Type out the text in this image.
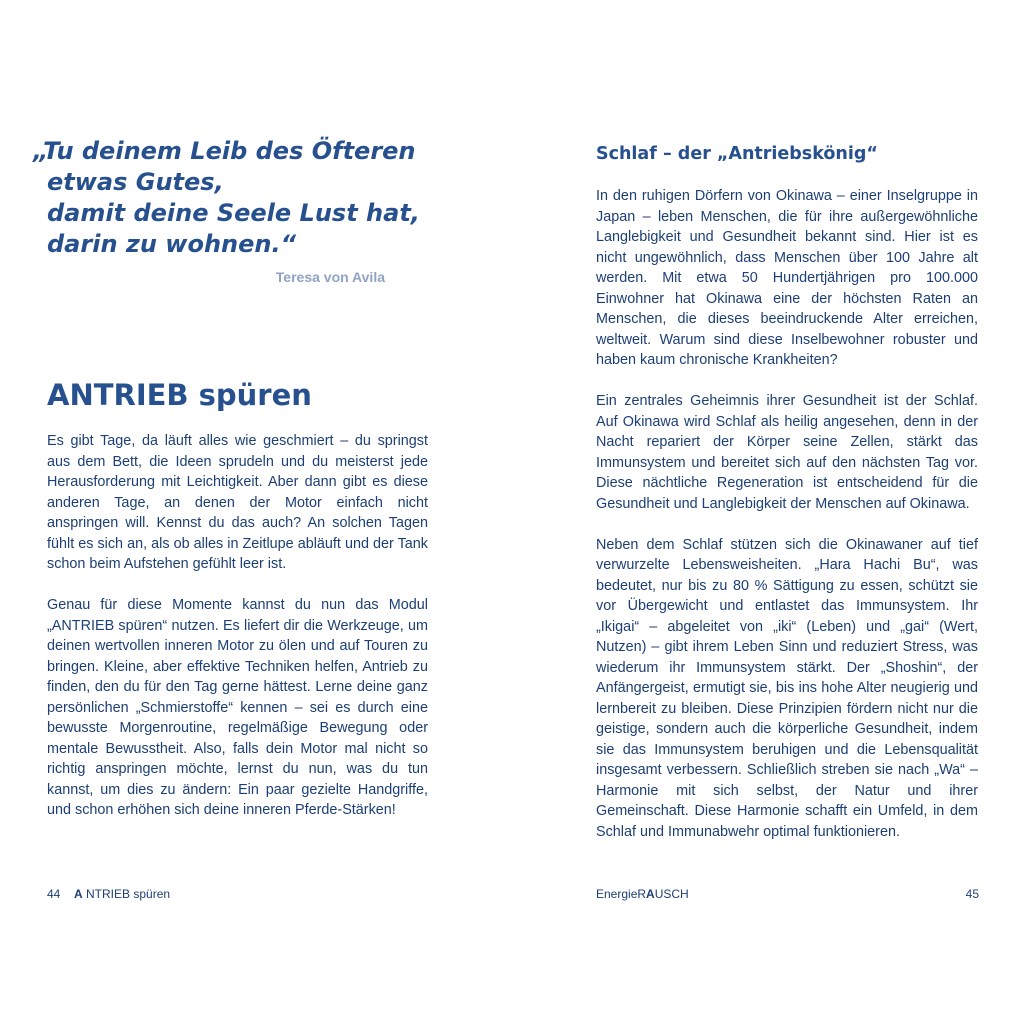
„Tu deinem Leib des Öfteren
etwas Gutes,
damit deine Seele Lust hat,
darin zu wohnen.“
Teresa von Avila
ANTRIEB spüren

Es gibt Tage, da läuft alles wie geschmiert – du springst aus dem Bett, die Ideen sprudeln und du meisterst jede Herausforderung mit Leichtigkeit. Aber dann gibt es diese anderen Tage, an denen der Motor einfach nicht anspringen will. Kennst du das auch? An solchen Tagen fühlt es sich an, als ob alles in Zeitlupe abläuft und der Tank schon beim Aufstehen gefühlt leer ist.

Genau für diese Momente kannst du nun das Modul „ANTRIEB spüren“ nutzen. Es liefert dir die Werkzeuge, um deinen wertvollen inneren Motor zu ölen und auf Touren zu bringen. Kleine, aber effektive Techniken helfen, Antrieb zu finden, den du für den Tag gerne hättest. Lerne deine ganz persönlichen „Schmierstoffe“ kennen – sei es durch eine bewusste Morgenroutine, regelmäßige Bewegung oder mentale Bewusstheit. Also, falls dein Motor mal nicht so richtig anspringen möchte, lernst du nun, was du tun kannst, um dies zu ändern: Ein paar gezielte Handgriffe, und schon erhöhen sich deine inneren Pferde-Stärken!

44 A NTRIEB spüren
Schlaf – der „Antriebskönig“

In den ruhigen Dörfern von Okinawa – einer Inselgruppe in Japan – leben Menschen, die für ihre außergewöhnliche Langlebigkeit und Gesundheit bekannt sind. Hier ist es nicht ungewöhnlich, dass Menschen über 100 Jahre alt werden. Mit etwa 50 Hundertjährigen pro 100.000 Einwohner hat Okinawa eine der höchsten Raten an Menschen, die dieses beeindruckende Alter erreichen, weltweit. Warum sind diese Inselbewohner robuster und haben kaum chronische Krankheiten?

Ein zentrales Geheimnis ihrer Gesundheit ist der Schlaf. Auf Okinawa wird Schlaf als heilig angesehen, denn in der Nacht repariert der Körper seine Zellen, stärkt das Immunsystem und bereitet sich auf den nächsten Tag vor. Diese nächtliche Regeneration ist entscheidend für die Gesundheit und Langlebigkeit der Menschen auf Okinawa.

Neben dem Schlaf stützen sich die Okinawaner auf tief verwurzelte Lebensweisheiten. „Hara Hachi Bu“, was bedeutet, nur bis zu 80 % Sättigung zu essen, schützt sie vor Übergewicht und entlastet das Immunsystem. Ihr „Ikigai“ – abgeleitet von „iki“ (Leben) und „gai“ (Wert, Nutzen) – gibt ihrem Leben Sinn und reduziert Stress, was wiederum ihr Immunsystem stärkt. Der „Shoshin“, der Anfängergeist, ermutigt sie, bis ins hohe Alter neugierig und lernbereit zu bleiben. Diese Prinzipien fördern nicht nur die geistige, sondern auch die körperliche Gesundheit, indem sie das Immunsystem beruhigen und die Lebensqualität insgesamt verbessern. Schließlich streben sie nach „Wa“ – Harmonie mit sich selbst, der Natur und ihrer Gemeinschaft. Diese Harmonie schafft ein Umfeld, in dem Schlaf und Immunabwehr optimal funktionieren.

EnergieRAUSCH	45
